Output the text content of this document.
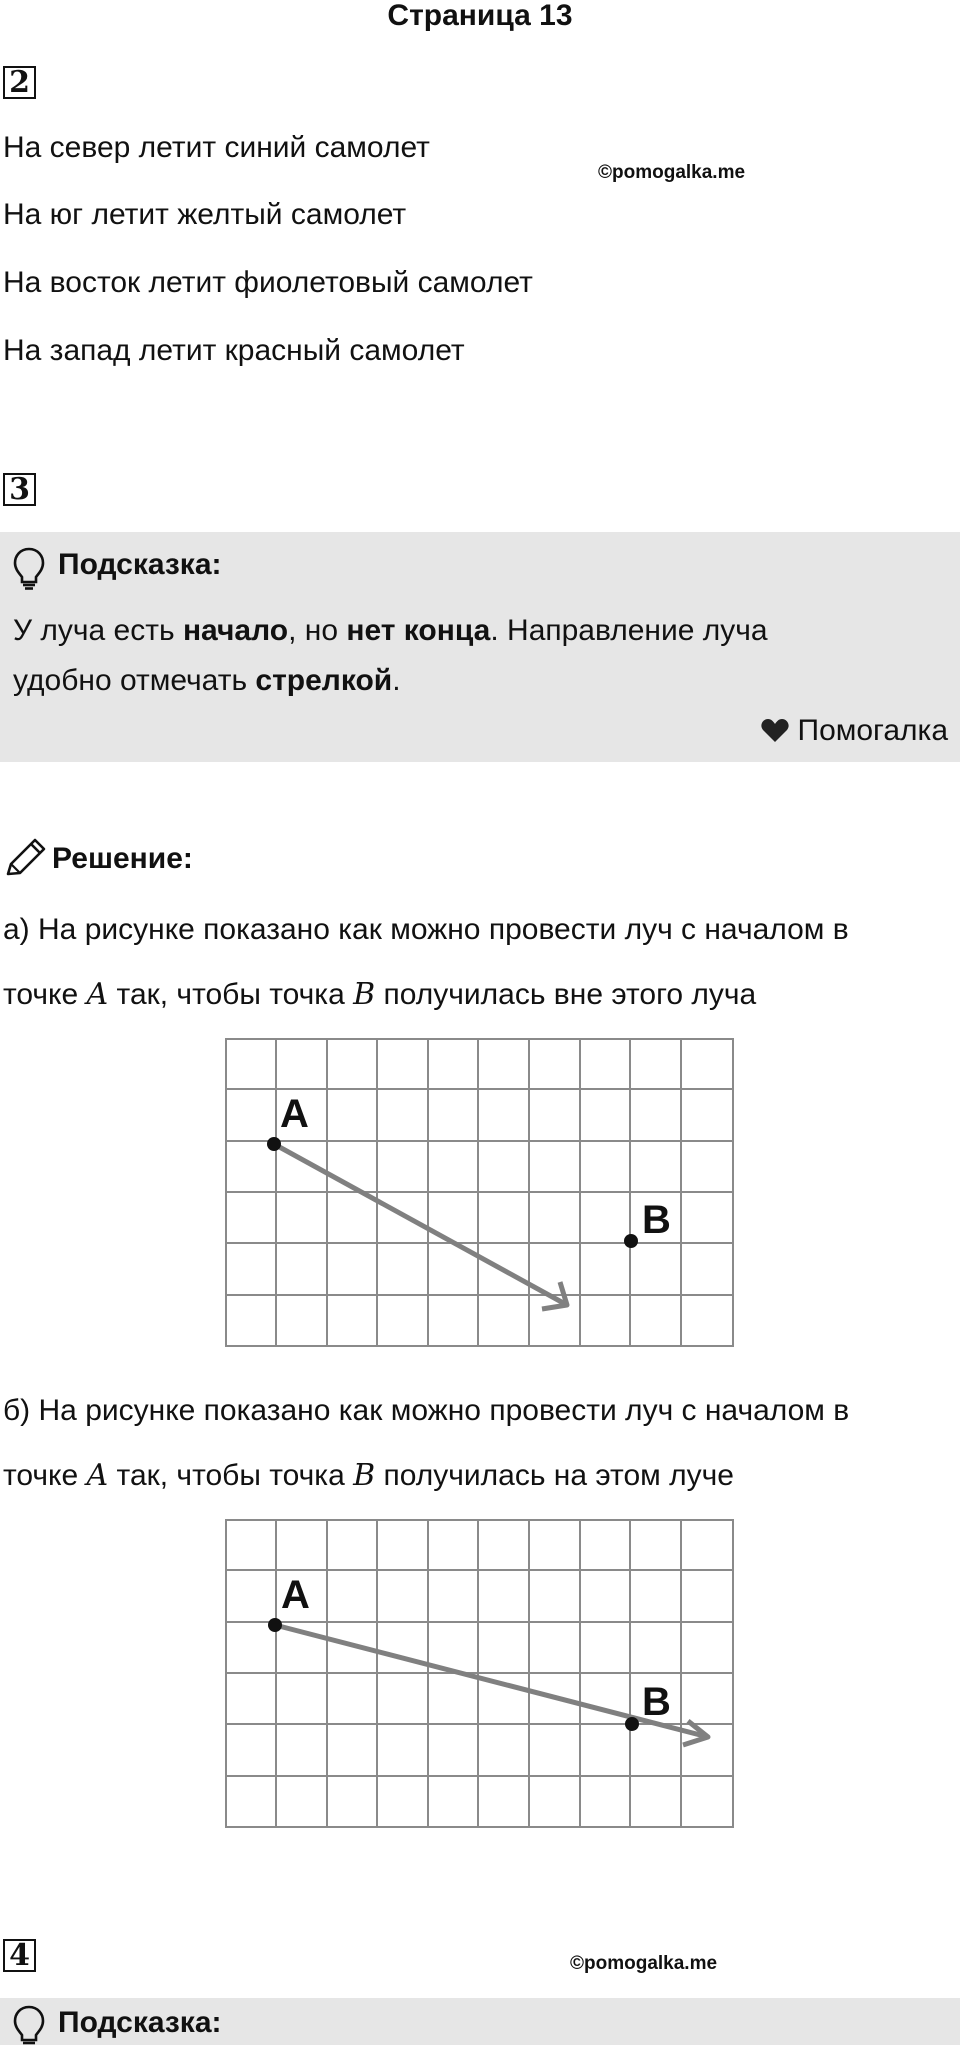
Страница 13
2
На север летит синий самолет
©pomogalka.me
На юг летит желтый самолет
На восток летит фиолетовый самолет
На запад летит красный самолет
3
Подсказка:
У луча есть начало, но нет конца. Направление луча
удобно отмечать стрелкой.
Помогалка
Решение:
а) На рисунке показано как можно провести луч с началом в
точке A так, чтобы точка B получилась вне этого луча
A
B
б) На рисунке показано как можно провести луч с началом в
точке A так, чтобы точка B получилась на этом луче
A
B
4	©pomogalka.me
Подсказка:
